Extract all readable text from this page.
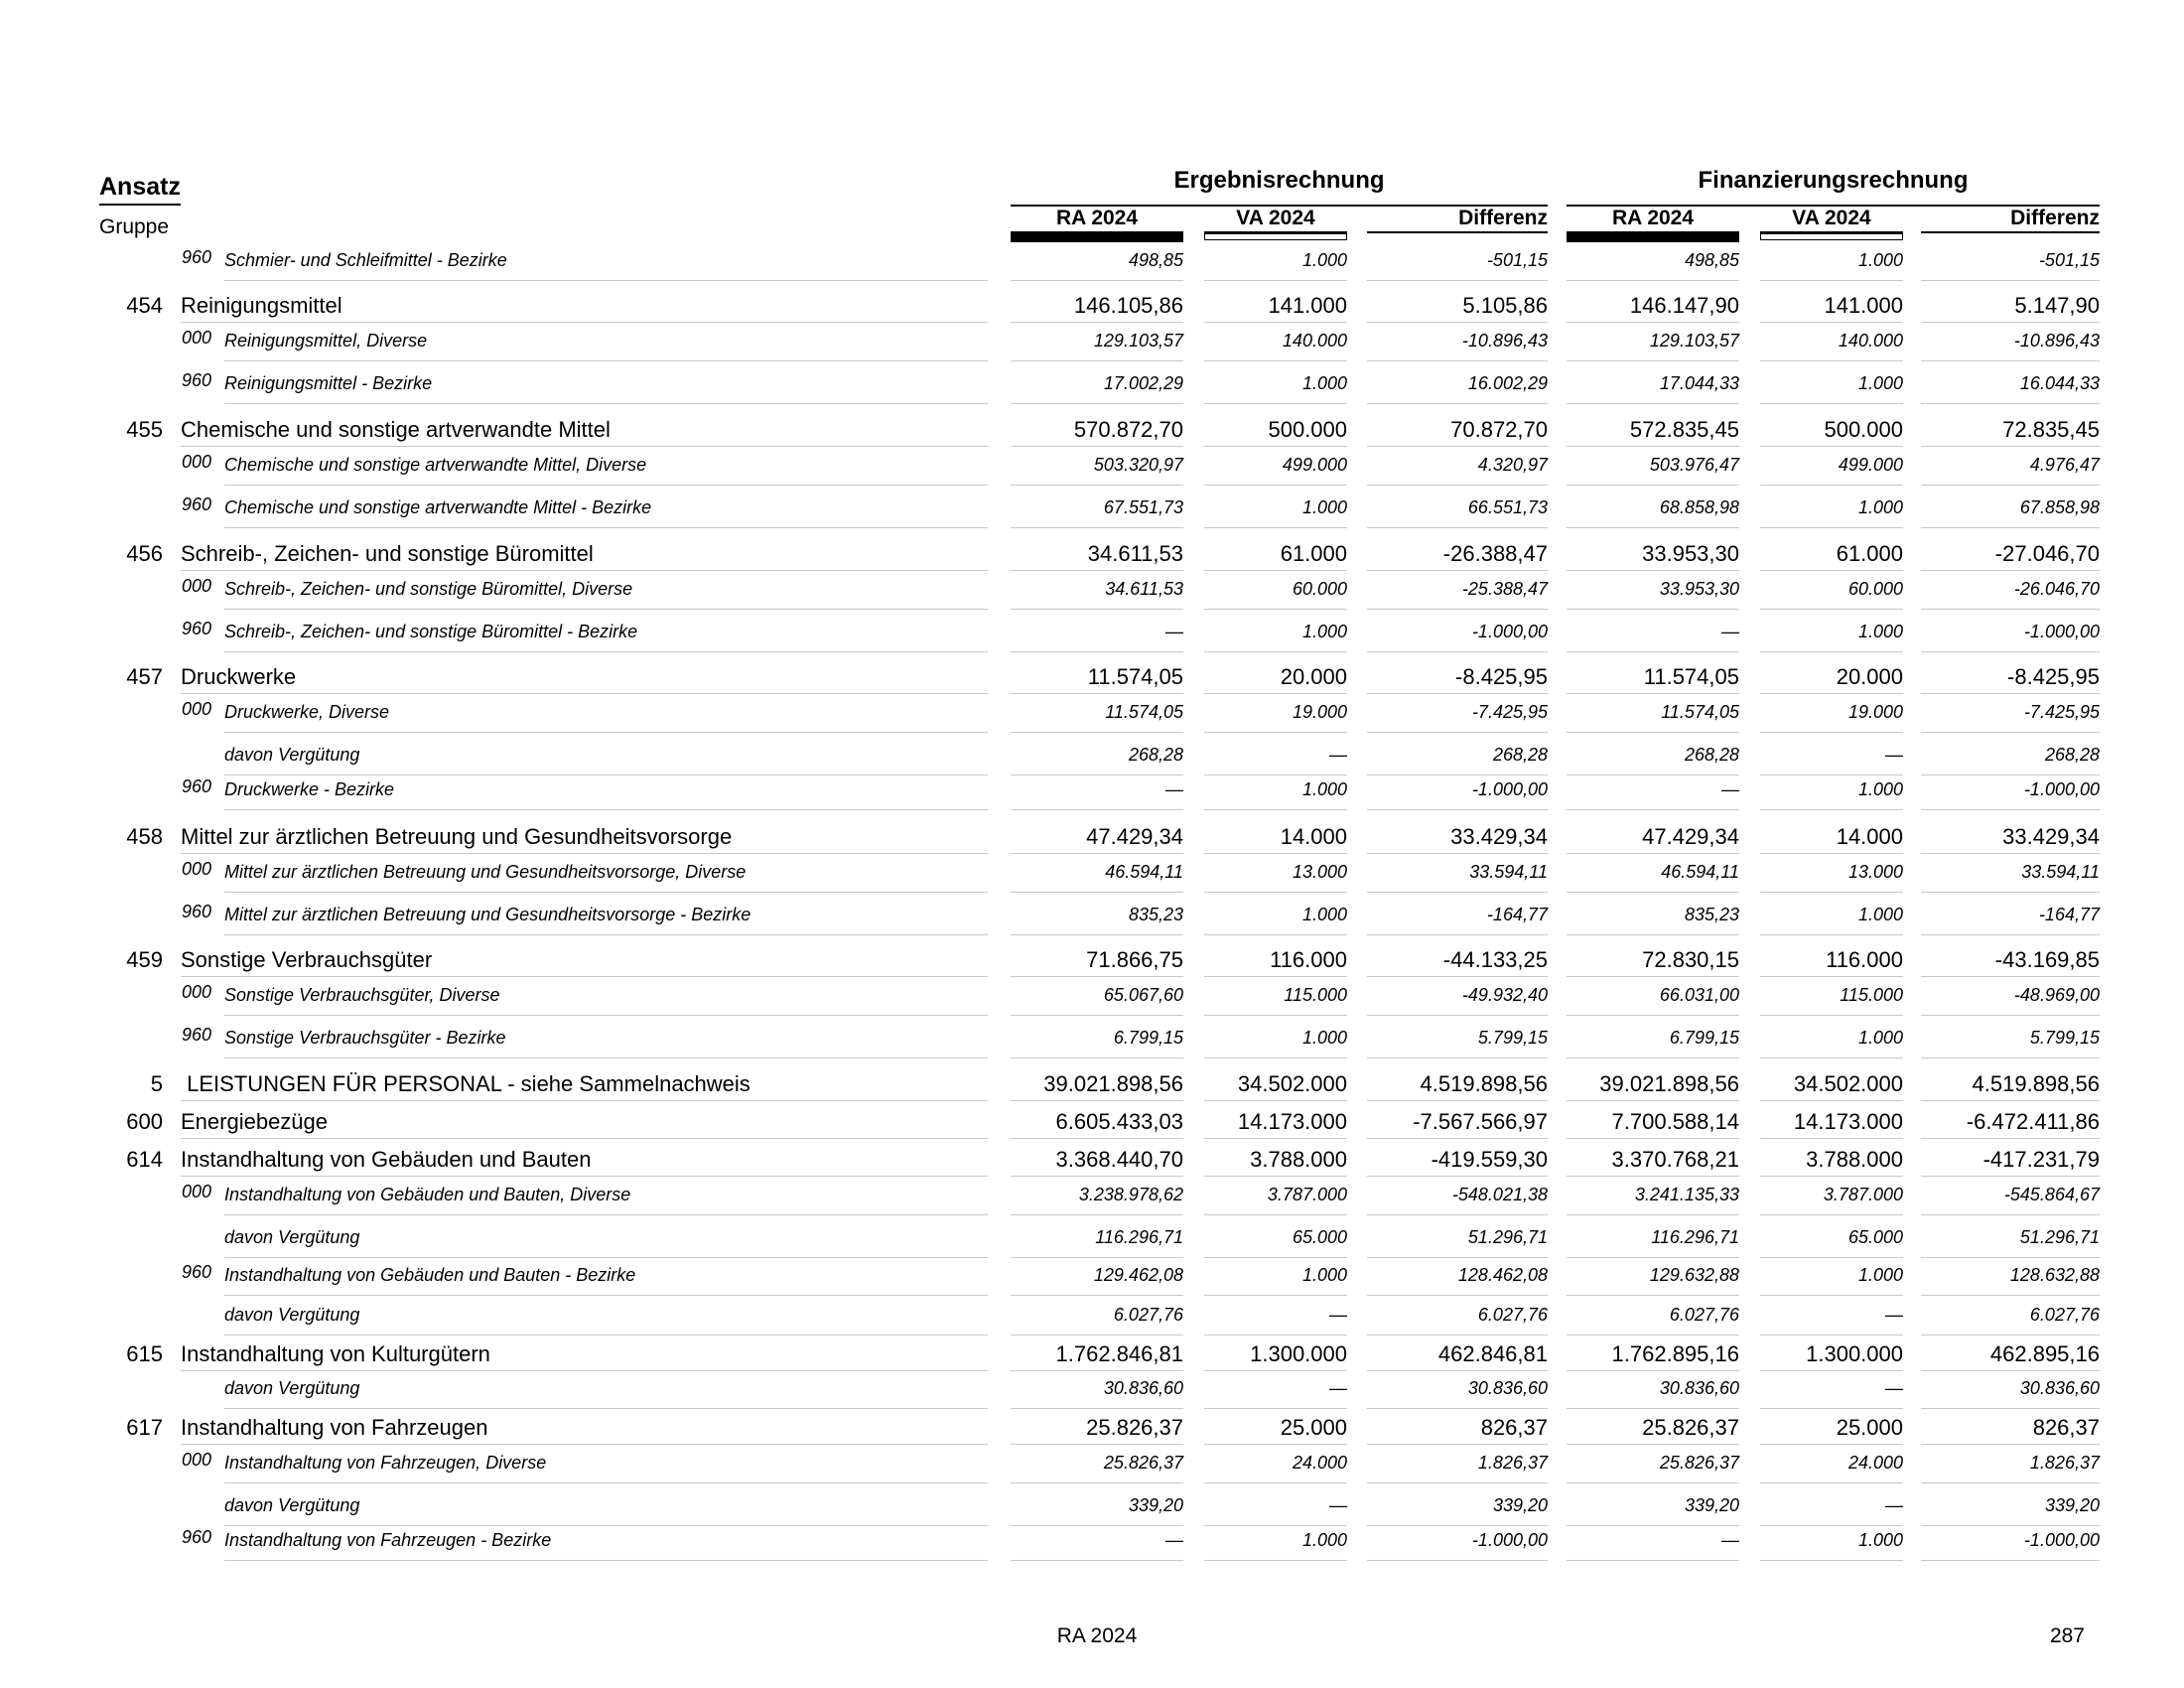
Ansatz
Gruppe
Ergebnisrechnung	Finanzierungsrechnung
RA 2024	VA 2024	Differenz	RA 2024	VA 2024	Differenz
960 Schmier- und Schleifmittel - Bezirke	498,85	1.000	-501,15	498,85	1.000	-501,15
454 Reinigungsmittel	146.105,86	141.000	5.105,86	146.147,90	141.000	5.147,90
000 Reinigungsmittel, Diverse	129.103,57	140.000	-10.896,43	129.103,57	140.000	-10.896,43
960 Reinigungsmittel - Bezirke	17.002,29	1.000	16.002,29	17.044,33	1.000	16.044,33
455 Chemische und sonstige artverwandte Mittel	570.872,70	500.000	70.872,70	572.835,45	500.000	72.835,45
000 Chemische und sonstige artverwandte Mittel, Diverse	503.320,97	499.000	4.320,97	503.976,47	499.000	4.976,47
960 Chemische und sonstige artverwandte Mittel - Bezirke	67.551,73	1.000	66.551,73	68.858,98	1.000	67.858,98
456 Schreib-, Zeichen- und sonstige Büromittel	34.611,53	61.000	-26.388,47	33.953,30	61.000	-27.046,70
000 Schreib-, Zeichen- und sonstige Büromittel, Diverse	34.611,53	60.000	-25.388,47	33.953,30	60.000	-26.046,70
960 Schreib-, Zeichen- und sonstige Büromittel - Bezirke	—	1.000	-1.000,00	—	1.000	-1.000,00
457 Druckwerke	11.574,05	20.000	-8.425,95	11.574,05	20.000	-8.425,95
000 Druckwerke, Diverse	11.574,05	19.000	-7.425,95	11.574,05	19.000	-7.425,95
davon Vergütung	268,28	—	268,28	268,28	—	268,28
960 Druckwerke - Bezirke	—	1.000	-1.000,00	—	1.000	-1.000,00
458 Mittel zur ärztlichen Betreuung und Gesundheitsvorsorge	47.429,34	14.000	33.429,34	47.429,34	14.000	33.429,34
000 Mittel zur ärztlichen Betreuung und Gesundheitsvorsorge, Diverse	46.594,11	13.000	33.594,11	46.594,11	13.000	33.594,11
960 Mittel zur ärztlichen Betreuung und Gesundheitsvorsorge - Bezirke	835,23	1.000	-164,77	835,23	1.000	-164,77
459 Sonstige Verbrauchsgüter	71.866,75	116.000	-44.133,25	72.830,15	116.000	-43.169,85
000 Sonstige Verbrauchsgüter, Diverse	65.067,60	115.000	-49.932,40	66.031,00	115.000	-48.969,00
960 Sonstige Verbrauchsgüter - Bezirke	6.799,15	1.000	5.799,15	6.799,15	1.000	5.799,15
5 LEISTUNGEN FÜR PERSONAL - siehe Sammelnachweis	39.021.898,56	34.502.000	4.519.898,56	39.021.898,56	34.502.000	4.519.898,56
600 Energiebezüge	6.605.433,03	14.173.000	-7.567.566,97	7.700.588,14	14.173.000	-6.472.411,86
614 Instandhaltung von Gebäuden und Bauten	3.368.440,70	3.788.000	-419.559,30	3.370.768,21	3.788.000	-417.231,79
000 Instandhaltung von Gebäuden und Bauten, Diverse	3.238.978,62	3.787.000	-548.021,38	3.241.135,33	3.787.000	-545.864,67
davon Vergütung	116.296,71	65.000	51.296,71	116.296,71	65.000	51.296,71
960 Instandhaltung von Gebäuden und Bauten - Bezirke	129.462,08	1.000	128.462,08	129.632,88	1.000	128.632,88
davon Vergütung	6.027,76	—	6.027,76	6.027,76	—	6.027,76
615 Instandhaltung von Kulturgütern	1.762.846,81	1.300.000	462.846,81	1.762.895,16	1.300.000	462.895,16
davon Vergütung	30.836,60	—	30.836,60	30.836,60	—	30.836,60
617 Instandhaltung von Fahrzeugen	25.826,37	25.000	826,37	25.826,37	25.000	826,37
000 Instandhaltung von Fahrzeugen, Diverse	25.826,37	24.000	1.826,37	25.826,37	24.000	1.826,37
davon Vergütung	339,20	—	339,20	339,20	—	339,20
960 Instandhaltung von Fahrzeugen - Bezirke	—	1.000	-1.000,00	—	1.000	-1.000,00
RA 2024	287
